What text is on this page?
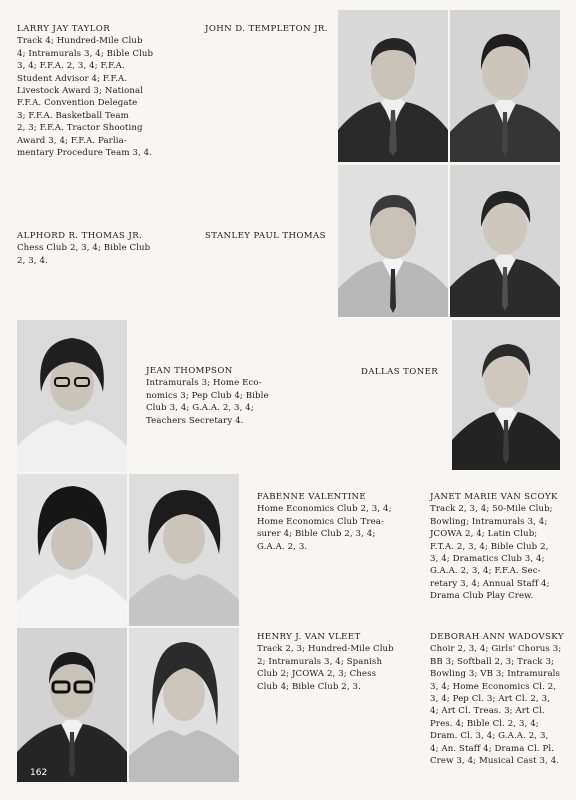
LARRY JAY TAYLOR
Track 4; Hundred-Mile Club
4; Intramurals 3, 4; Bible Club
3, 4; F.F.A. 2, 3, 4; F.F.A.
Student Advisor 4; F.F.A.
Livestock Award 3; National
F.F.A. Convention Delegate
3; F.F.A. Basketball Team
2, 3; F.F.A. Tractor Shooting
Award 3, 4; F.F.A. Parlia-
mentary Procedure Team 3, 4.
JOHN D. TEMPLETON JR.
ALPHORD R. THOMAS JR.
Chess Club 2, 3, 4; Bible Club
2, 3, 4.
STANLEY PAUL THOMAS
JEAN THOMPSON
Intramurals 3; Home Eco-
nomics 3; Pep Club 4; Bible
Club 3, 4; G.A.A. 2, 3, 4;
Teachers Secretary 4.
DALLAS TONER
FABENNE VALENTINE
Home Economics Club 2, 3, 4;
Home Economics Club Trea-
surer 4; Bible Club 2, 3, 4;
G.A.A. 2, 3.
JANET MARIE VAN SCOYK
Track 2, 3, 4; 50-Mile Club;
Bowling; Intramurals 3, 4;
JCOWA 2, 4; Latin Club;
F.T.A. 2, 3, 4; Bible Club 2,
3, 4; Dramatics Club 3, 4;
G.A.A. 2, 3, 4; F.F.A. Sec-
retary 3, 4; Annual Staff 4;
Drama Club Play Crew.
HENRY J. VAN VLEET
Track 2, 3; Hundred-Mile Club
2; Intramurals 3, 4; Spanish
Club 2; JCOWA 2, 3; Chess
Club 4; Bible Club 2, 3.
DEBORAH ANN WADOVSKY
Choir 2, 3, 4; Girls' Chorus 3;
BB 3; Softball 2, 3; Track 3;
Bowling 3; VB 3; Intramurals
3, 4; Home Economics Cl. 2,
3, 4; Pep Cl. 3; Art Cl. 2, 3,
4; Art Cl. Treas. 3; Art Cl.
Pres. 4; Bible Cl. 2, 3, 4;
Dram. Cl. 3, 4; G.A.A. 2, 3,
4; An. Staff 4; Drama Cl. Pl.
Crew 3, 4; Musical Cast 3, 4.
162
